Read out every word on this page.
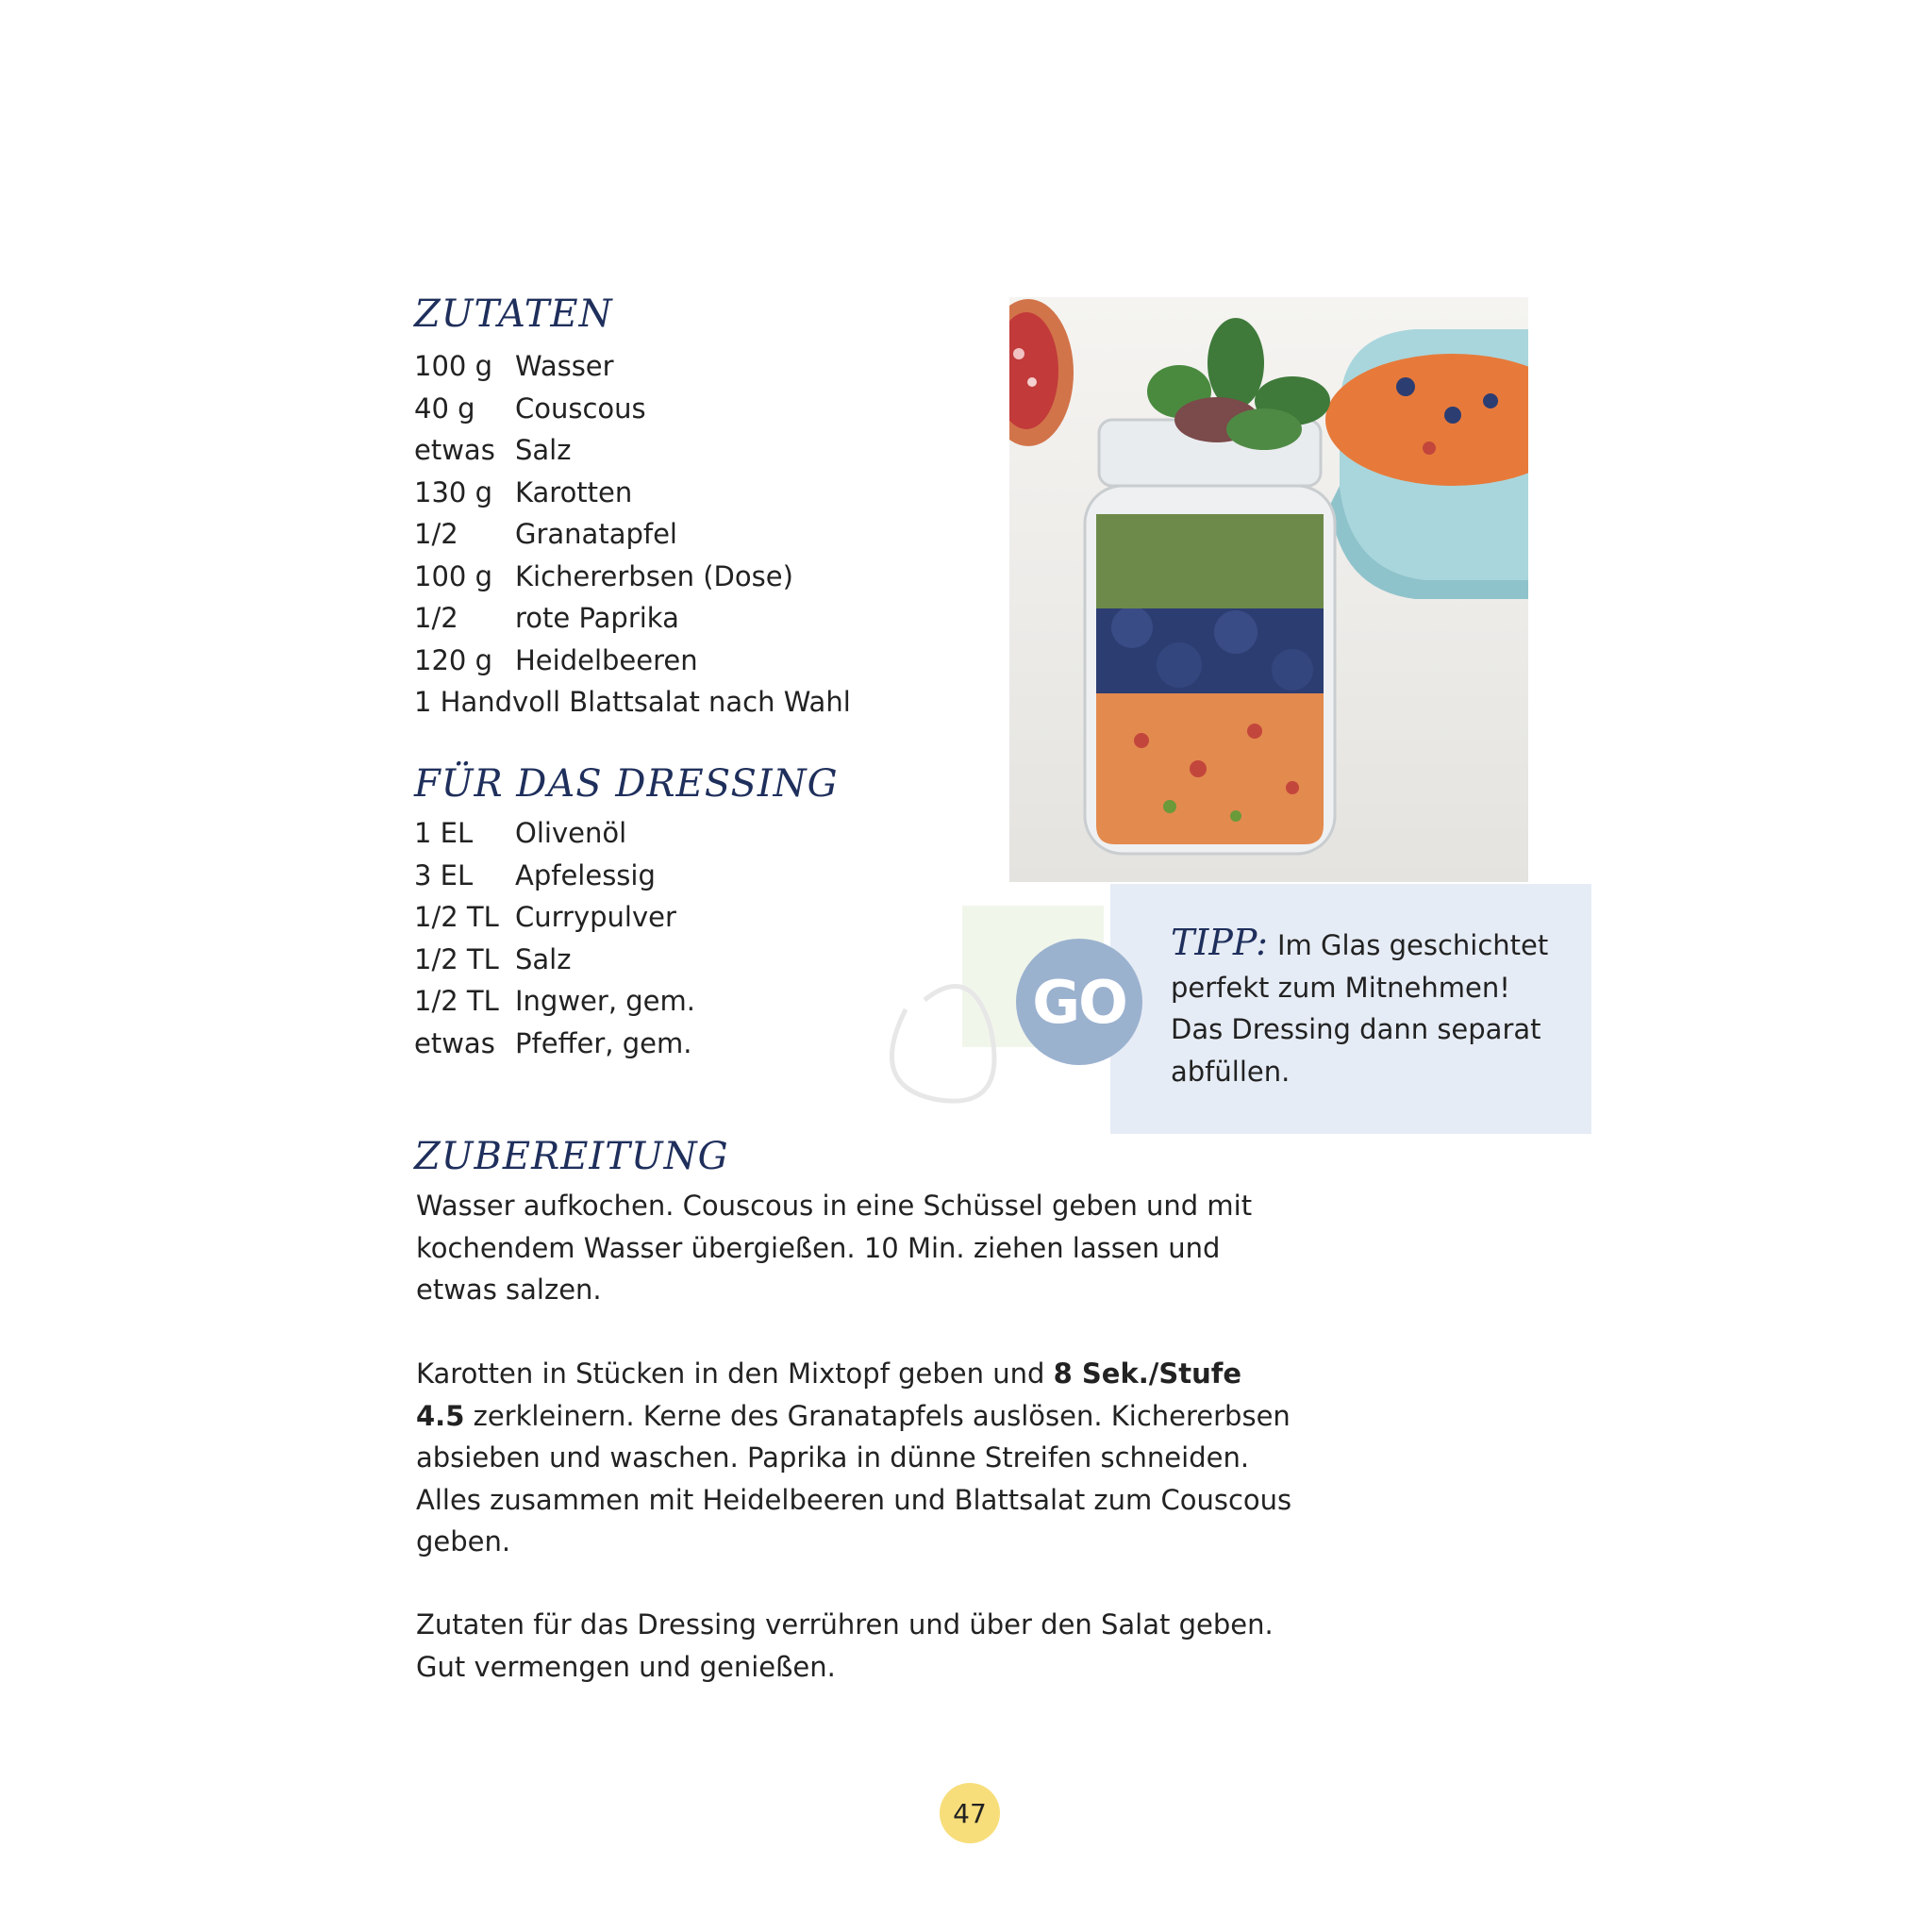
ZUTATEN
100 g Wasser
40 g	Couscous
etwas Salz
130 g Karotten
1/2	Granatapfel
100 g Kichererbsen (Dose)
1/2	rote Paprika
120 g Heidelbeeren
1 Handvoll Blattsalat nach Wahl
FÜR DAS DRESSING
1 EL	Olivenöl
3 EL	Apfelessig
1/2 TL Currypulver
1/2 TL Salz
1/2 TL Ingwer, gem.
etwas Pfeffer, gem.
TIPP: Im Glas geschichtet perfekt zum Mitnehmen! Das Dressing dann separat abfüllen.
GO
ZUBEREITUNG

Wasser aufkochen. Couscous in eine Schüssel geben und mit kochendem Wasser übergießen. 10 Min. ziehen lassen und etwas salzen.

Karotten in Stücken in den Mixtopf geben und 8 Sek./Stufe 4.5 zerkleinern. Kerne des Granatapfels auslösen. Kichererbsen absieben und waschen. Paprika in dünne Streifen schneiden. Alles zusammen mit Heidelbeeren und Blattsalat zum Couscous geben.

Zutaten für das Dressing verrühren und über den Salat geben. Gut vermengen und genießen.

47
